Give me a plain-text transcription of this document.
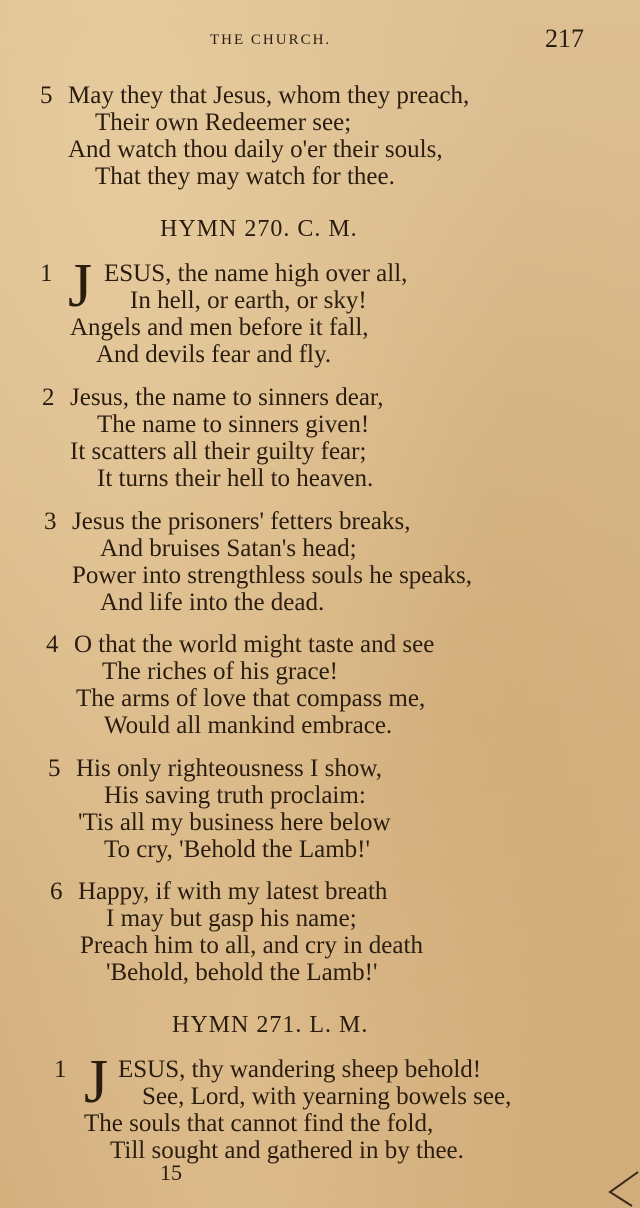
THE CHURCH.	217
5 May they that Jesus, whom they preach,
Their own Redeemer see;
And watch thou daily o'er their souls,
That they may watch for thee.
HYMN 270. C. M.
1 J ESUS, the name high over all,
In hell, or earth, or sky!
Angels and men before it fall,
And devils fear and fly.
2 Jesus, the name to sinners dear,
The name to sinners given!
It scatters all their guilty fear;
It turns their hell to heaven.
3 Jesus the prisoners' fetters breaks,
And bruises Satan's head;
Power into strengthless souls he speaks,
And life into the dead.
4 O that the world might taste and see
The riches of his grace!
The arms of love that compass me,
Would all mankind embrace.
5 His only righteousness I show,
His saving truth proclaim:
'Tis all my business here below
To cry, 'Behold the Lamb!'
6 Happy, if with my latest breath
I may but gasp his name;
Preach him to all, and cry in death
'Behold, behold the Lamb!'
HYMN 271. L. M.
1 J ESUS, thy wandering sheep behold!
See, Lord, with yearning bowels see,
The souls that cannot find the fold,
Till sought and gathered in by thee.
15
